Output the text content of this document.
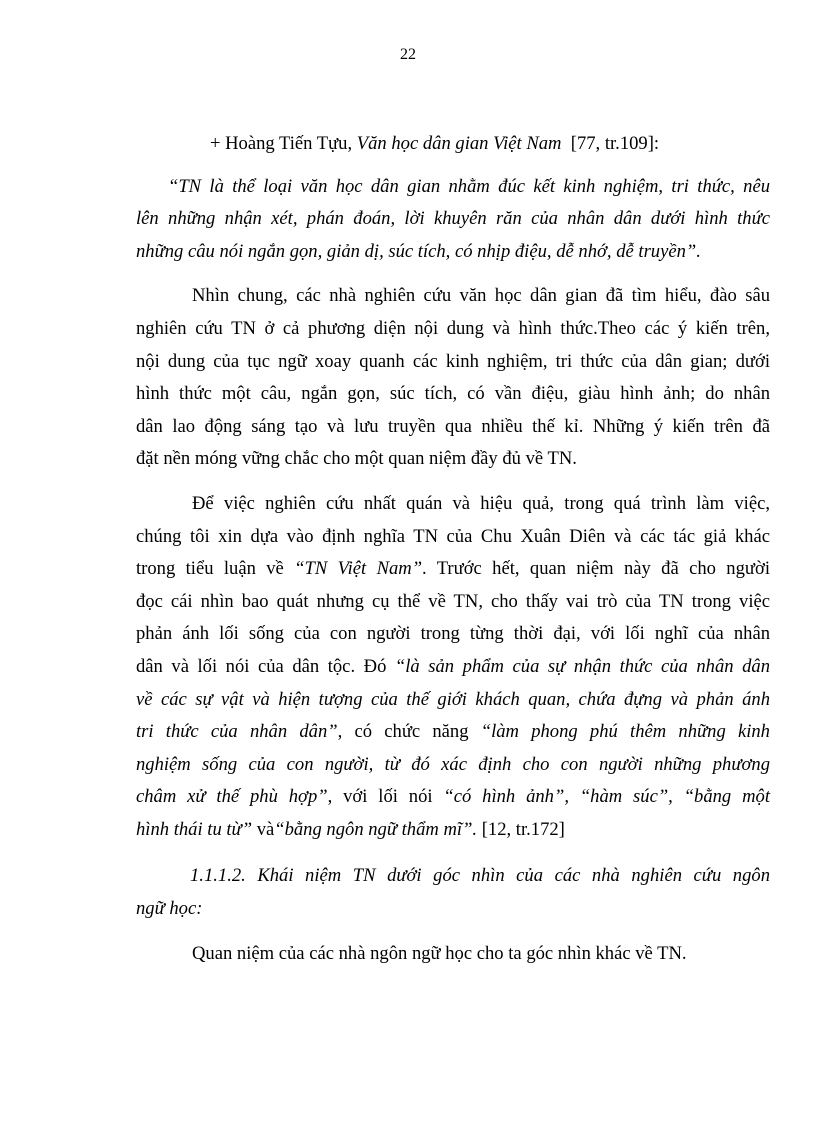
22
+ Hoàng Tiến Tựu, Văn học dân gian Việt Nam  [77, tr.109]:
“TN là thể loại văn học dân gian nhằm đúc kết kinh nghiệm, tri thức, nêu
lên những nhận xét, phán đoán, lời khuyên răn của nhân dân dưới hình thức
những câu nói ngắn gọn, giản dị, súc tích, có nhịp điệu, dễ nhớ, dễ truyền”.
Nhìn chung, các nhà nghiên cứu văn học dân gian đã tìm hiểu, đào sâu
nghiên cứu TN ở cả phương diện nội dung và hình thức.Theo các ý kiến trên,
nội dung của tục ngữ xoay quanh các kinh nghiệm, tri thức của dân gian; dưới
hình thức một câu, ngắn gọn, súc tích, có vần điệu, giàu hình ảnh; do nhân
dân lao động sáng tạo và lưu truyền qua nhiều thế kỉ. Những ý kiến trên đã
đặt nền móng vững chắc cho một quan niệm đầy đủ về TN.
Để việc nghiên cứu nhất quán và hiệu quả, trong quá trình làm việc,
chúng tôi xin dựa vào định nghĩa TN của Chu Xuân Diên và các tác giả khác
trong tiểu luận về “TN Việt Nam”. Trước hết, quan niệm này đã cho người
đọc cái nhìn bao quát nhưng cụ thể về TN, cho thấy vai trò của TN trong việc
phản ánh lối sống của con người trong từng thời đại, với lối nghĩ của nhân
dân và lối nói của dân tộc. Đó “là sản phẩm của sự nhận thức của nhân dân
về các sự vật và hiện tượng của thế giới khách quan, chứa đựng và phản ánh
tri thức của nhân dân”, có chức năng “làm phong phú thêm những kinh
nghiệm sống của con người, từ đó xác định cho con người những phương
châm xử thế phù hợp”, với lối nói “có hình ảnh”, “hàm súc”, “bằng một
hình thái tu từ” và“bằng ngôn ngữ thẩm mĩ”. [12, tr.172]
1.1.1.2. Khái niệm TN dưới góc nhìn của các nhà nghiên cứu ngôn
ngữ học:
Quan niệm của các nhà ngôn ngữ học cho ta góc nhìn khác về TN.
